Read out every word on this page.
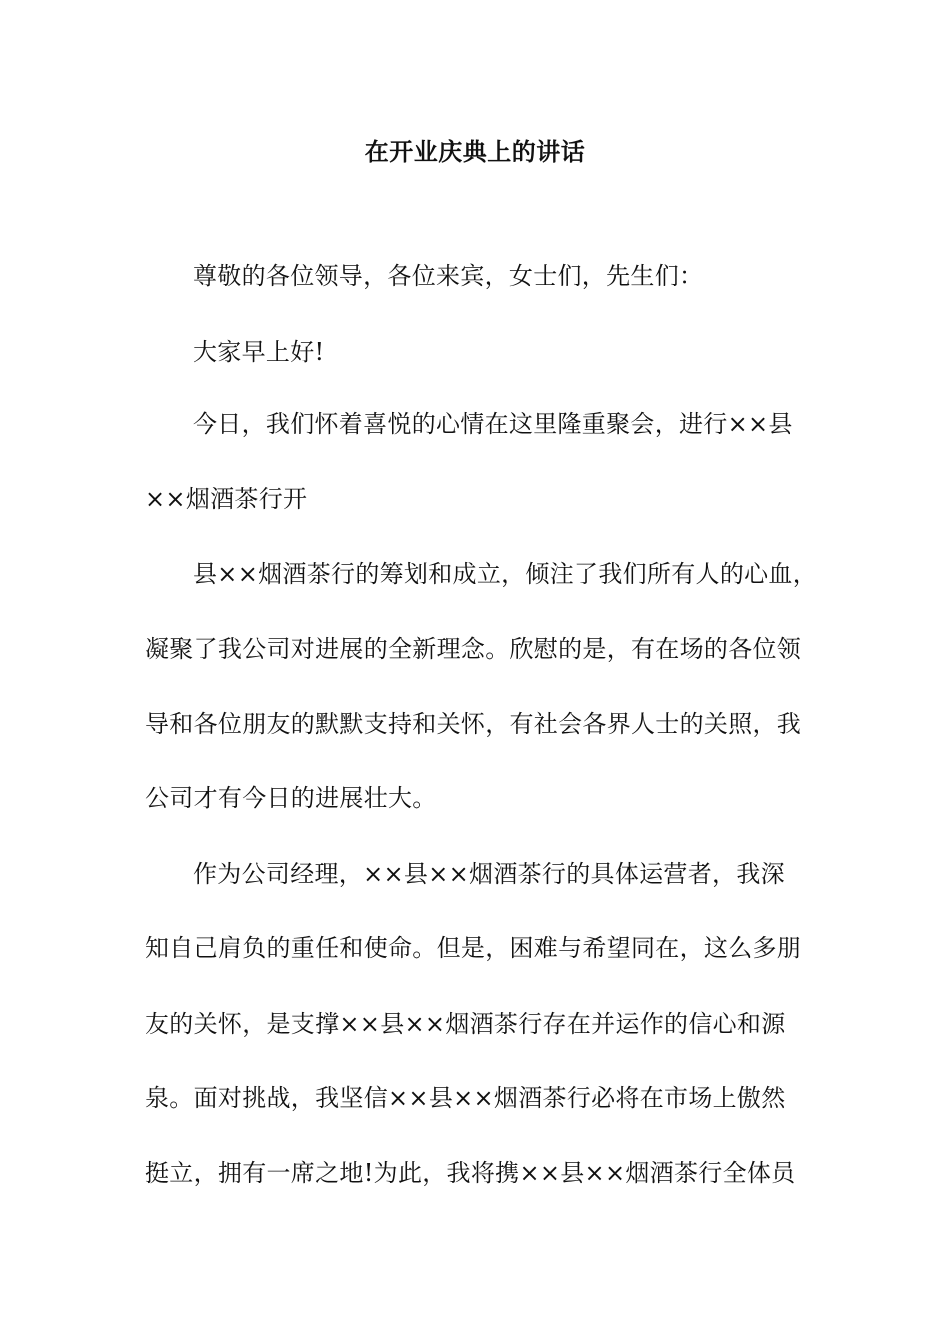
在开业庆典上的讲话
尊敬的各位领导，各位来宾，女士们，先生们：
大家早上好!
今日，我们怀着喜悦的心情在这里隆重聚会，进行××县
××烟酒茶行开
县××烟酒茶行的筹划和成立，倾注了我们所有人的心血，
凝聚了我公司对进展的全新理念。欣慰的是，有在场的各位领
导和各位朋友的默默支持和关怀，有社会各界人士的关照，我
公司才有今日的进展壮大。
作为公司经理，××县××烟酒茶行的具体运营者，我深
知自己肩负的重任和使命。但是，困难与希望同在，这么多朋
友的关怀，是支撑××县××烟酒茶行存在并运作的信心和源
泉。面对挑战，我坚信××县××烟酒茶行必将在市场上傲然
挺立，拥有一席之地!为此，我将携××县××烟酒茶行全体员
